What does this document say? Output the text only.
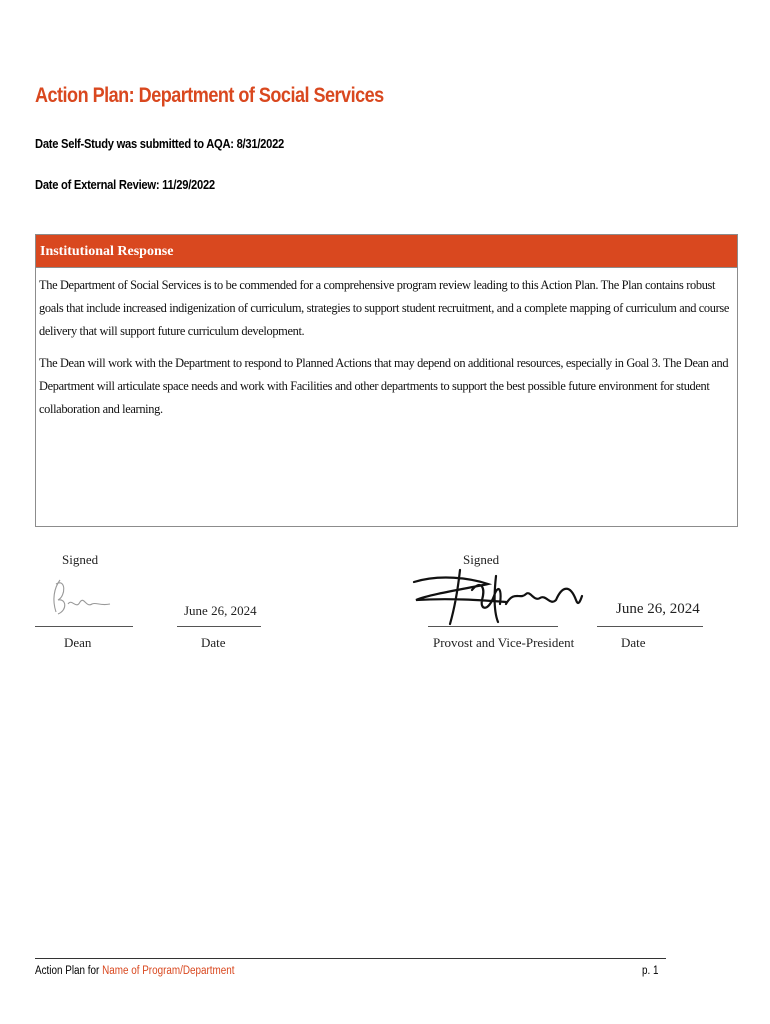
Action Plan: Department of Social Services
Date Self-Study was submitted to AQA: 8/31/2022
Date of External Review: 11/29/2022
Institutional Response

The Department of Social Services is to be commended for a comprehensive program review leading to this Action Plan. The Plan contains robust goals that include increased indigenization of curriculum, strategies to support student recruitment, and a complete mapping of curriculum and course delivery that will support future curriculum development.

The Dean will work with the Department to respond to Planned Actions that may depend on additional resources, especially in Goal 3. The Dean and Department will articulate space needs and work with Facilities and other departments to support the best possible future environment for student collaboration and learning.

Signed
Dean
June 26, 2024
Date
Signed
Provost and Vice-President
June 26, 2024
Date
Action Plan for Name of Program/Department	p. 1
